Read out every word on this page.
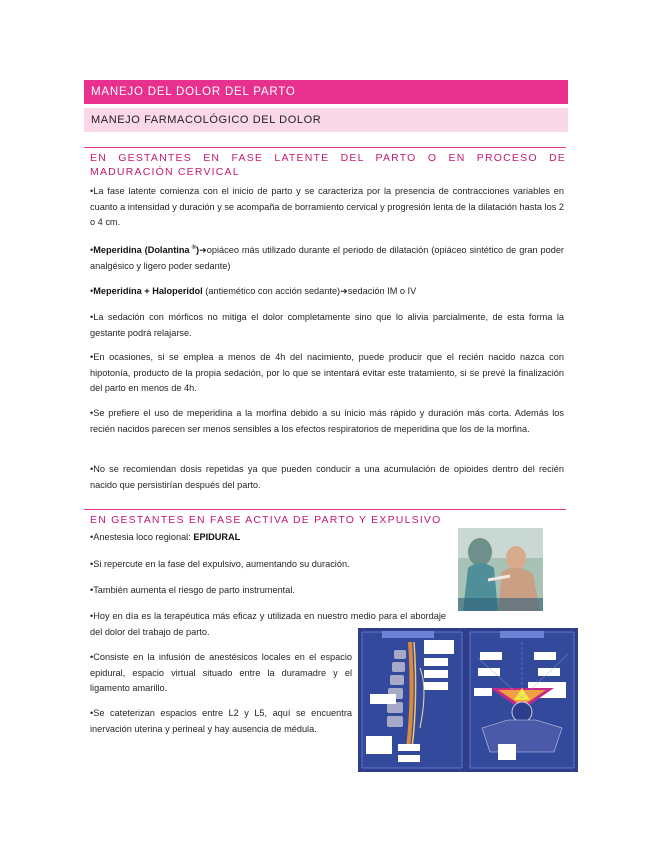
MANEJO DEL DOLOR DEL PARTO
MANEJO FARMACOLÓGICO DEL DOLOR
EN GESTANTES EN FASE LATENTE DEL PARTO O EN PROCESO DE MADURACIÓN CERVICAL
•La fase latente comienza con el inicio de parto y se caracteriza por la presencia de contracciones variables en cuanto a intensidad y duración y se acompaña de borramiento cervical y progresión lenta de la dilatación hasta los 2 o 4 cm.
•Meperidina (Dolantina ®)➜opiáceo más utilizado durante el periodo de dilatación (opiáceo sintético de gran poder analgésico y ligero poder sedante)
•Meperidina + Haloperidol (antiemético con acción sedante)➜sedación IM o IV
•La sedación con mórficos no mitiga el dolor completamente sino que lo alivia parcialmente, de esta forma la gestante podrá relajarse.
•En ocasiones, si se emplea a menos de 4h del nacimiento, puede producir que el recién nacido nazca con hipotonía, producto de la propia sedación, por lo que se intentará evitar este tratamiento, si se prevé la finalización del parto en menos de 4h.
•Se prefiere el uso de meperidina a la morfina debido a su inicio más rápido y duración más corta. Además los recién nacidos parecen ser menos sensibles a los efectos respiratorios de meperidina que los de la morfina.
•No se recomiendan dosis repetidas ya que pueden conducir a una acumulación de opioides dentro del recién nacido que persistirían después del parto.
EN GESTANTES EN FASE ACTIVA DE PARTO Y EXPULSIVO
•Anestesia loco regional: EPIDURAL
•Si repercute en la fase del expulsivo, aumentando su duración.
•También aumenta el riesgo de parto instrumental.
•Hoy en día es la terapéutica más eficaz y utilizada en nuestro medio para el abordaje del dolor del trabajo de parto.
•Consiste en la infusión de anestésicos locales en el espacio epidural, espacio virtual situado entre la duramadre y el ligamento amarillo.
•Se cateterizan espacios entre L2 y L5, aquí se encuentra inervación uterina y perineal y hay ausencia de médula.
